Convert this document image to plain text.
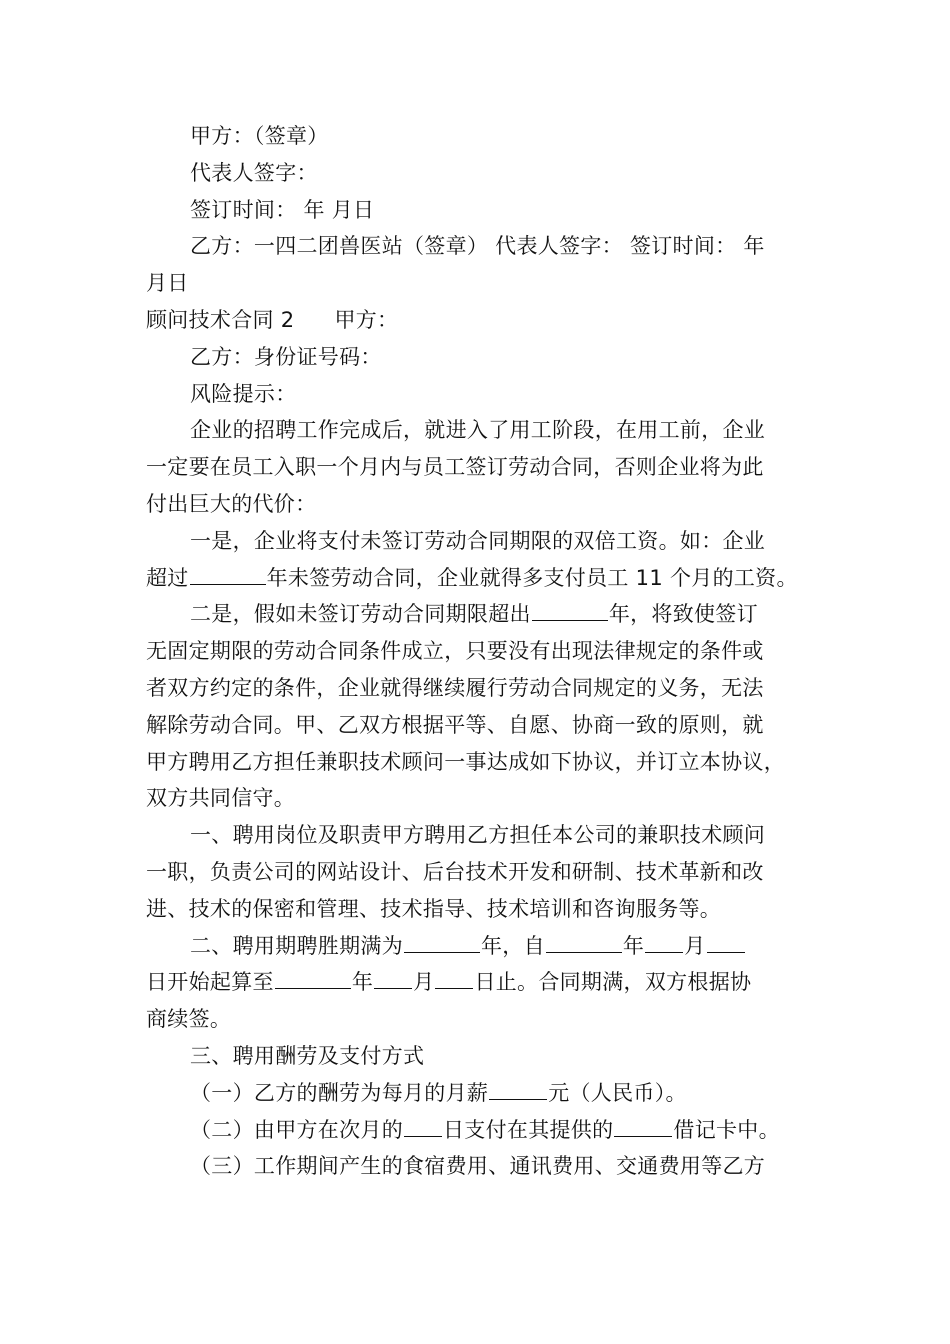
甲方：（签章）
代表人签字：
签订时间： 年 月日
乙方：一四二团兽医站（签章） 代表人签字： 签订时间： 年
月日
顾问技术合同 2 甲方：
乙方：身份证号码：
风险提示：
企业的招聘工作完成后，就进入了用工阶段，在用工前，企业
一定要在员工入职一个月内与员工签订劳动合同，否则企业将为此
付出巨大的代价：
一是，企业将支付未签订劳动合同期限的双倍工资。如：企业
超过	年未签劳动合同，企业就得多支付员工 11 个月的工资。
二是，假如未签订劳动合同期限超出	年，将致使签订
无固定期限的劳动合同条件成立，只要没有出现法律规定的条件或
者双方约定的条件，企业就得继续履行劳动合同规定的义务，无法
解除劳动合同。甲、乙双方根据平等、自愿、协商一致的原则，就
甲方聘用乙方担任兼职技术顾问一事达成如下协议，并订立本协议，
双方共同信守。
一、聘用岗位及职责甲方聘用乙方担任本公司的兼职技术顾问
一职，负责公司的网站设计、后台技术开发和研制、技术革新和改
进、技术的保密和管理、技术指导、技术培训和咨询服务等。
二、聘用期聘胜期满为	年，自	年 月
日开始起算至	年 月 日止。合同期满，双方根据协
商续签。
三、聘用酬劳及支付方式
（一）乙方的酬劳为每月的月薪	元（人民币）。
（二）由甲方在次月的 日支付在其提供的	借记卡中。
（三）工作期间产生的食宿费用、通讯费用、交通费用等乙方
